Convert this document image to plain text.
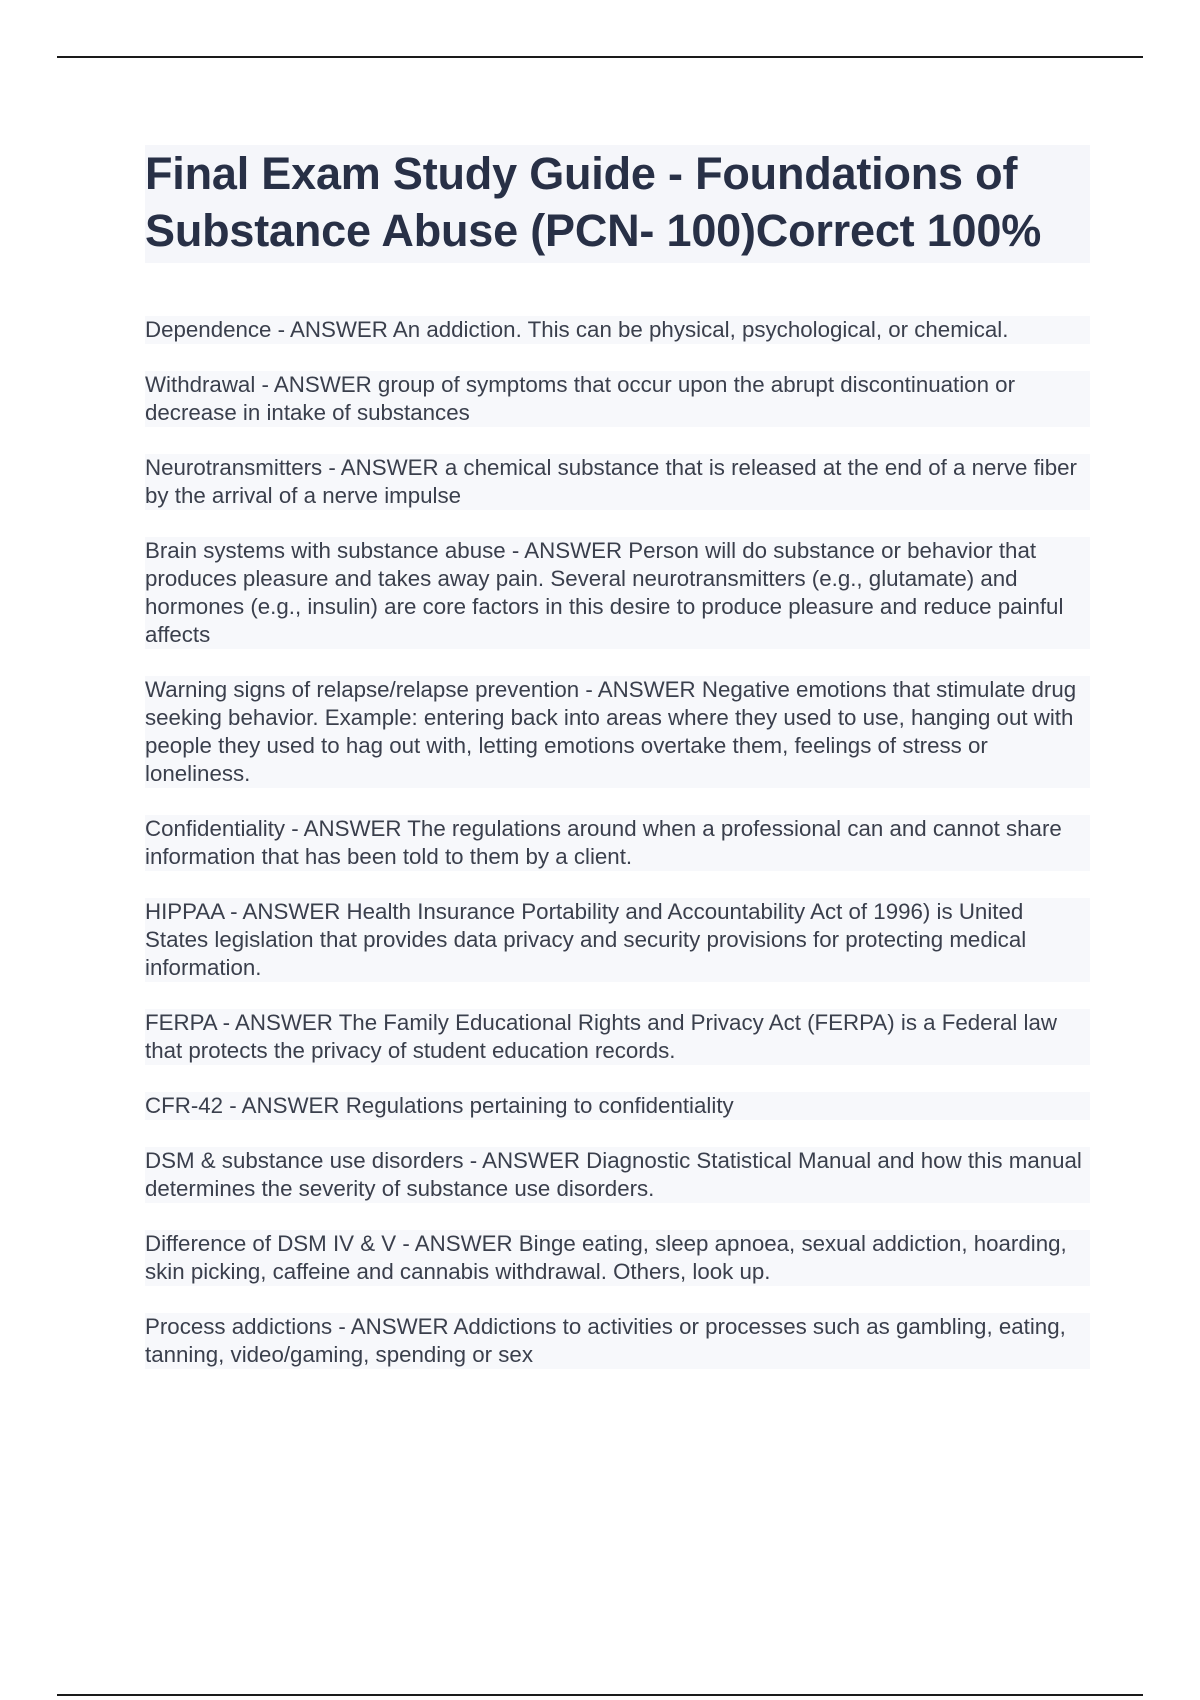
Final Exam Study Guide - Foundations of Substance Abuse (PCN- 100)Correct 100%

Dependence - ANSWER An addiction. This can be physical, psychological, or chemical.

Withdrawal - ANSWER group of symptoms that occur upon the abrupt discontinuation or decrease in intake of substances

Neurotransmitters - ANSWER a chemical substance that is released at the end of a nerve fiber by the arrival of a nerve impulse

Brain systems with substance abuse - ANSWER Person will do substance or behavior that produces pleasure and takes away pain. Several neurotransmitters (e.g., glutamate) and hormones (e.g., insulin) are core factors in this desire to produce pleasure and reduce painful affects

Warning signs of relapse/relapse prevention - ANSWER Negative emotions that stimulate drug seeking behavior. Example: entering back into areas where they used to use, hanging out with people they used to hag out with, letting emotions overtake them, feelings of stress or loneliness.

Confidentiality - ANSWER The regulations around when a professional can and cannot share information that has been told to them by a client.

HIPPAA - ANSWER Health Insurance Portability and Accountability Act of 1996) is United States legislation that provides data privacy and security provisions for protecting medical information.

FERPA - ANSWER The Family Educational Rights and Privacy Act (FERPA) is a Federal law that protects the privacy of student education records.

CFR-42 - ANSWER Regulations pertaining to confidentiality

DSM & substance use disorders - ANSWER Diagnostic Statistical Manual and how this manual determines the severity of substance use disorders.

Difference of DSM IV & V - ANSWER Binge eating, sleep apnoea, sexual addiction, hoarding, skin picking, caffeine and cannabis withdrawal. Others, look up.

Process addictions - ANSWER Addictions to activities or processes such as gambling, eating, tanning, video/gaming, spending or sex
